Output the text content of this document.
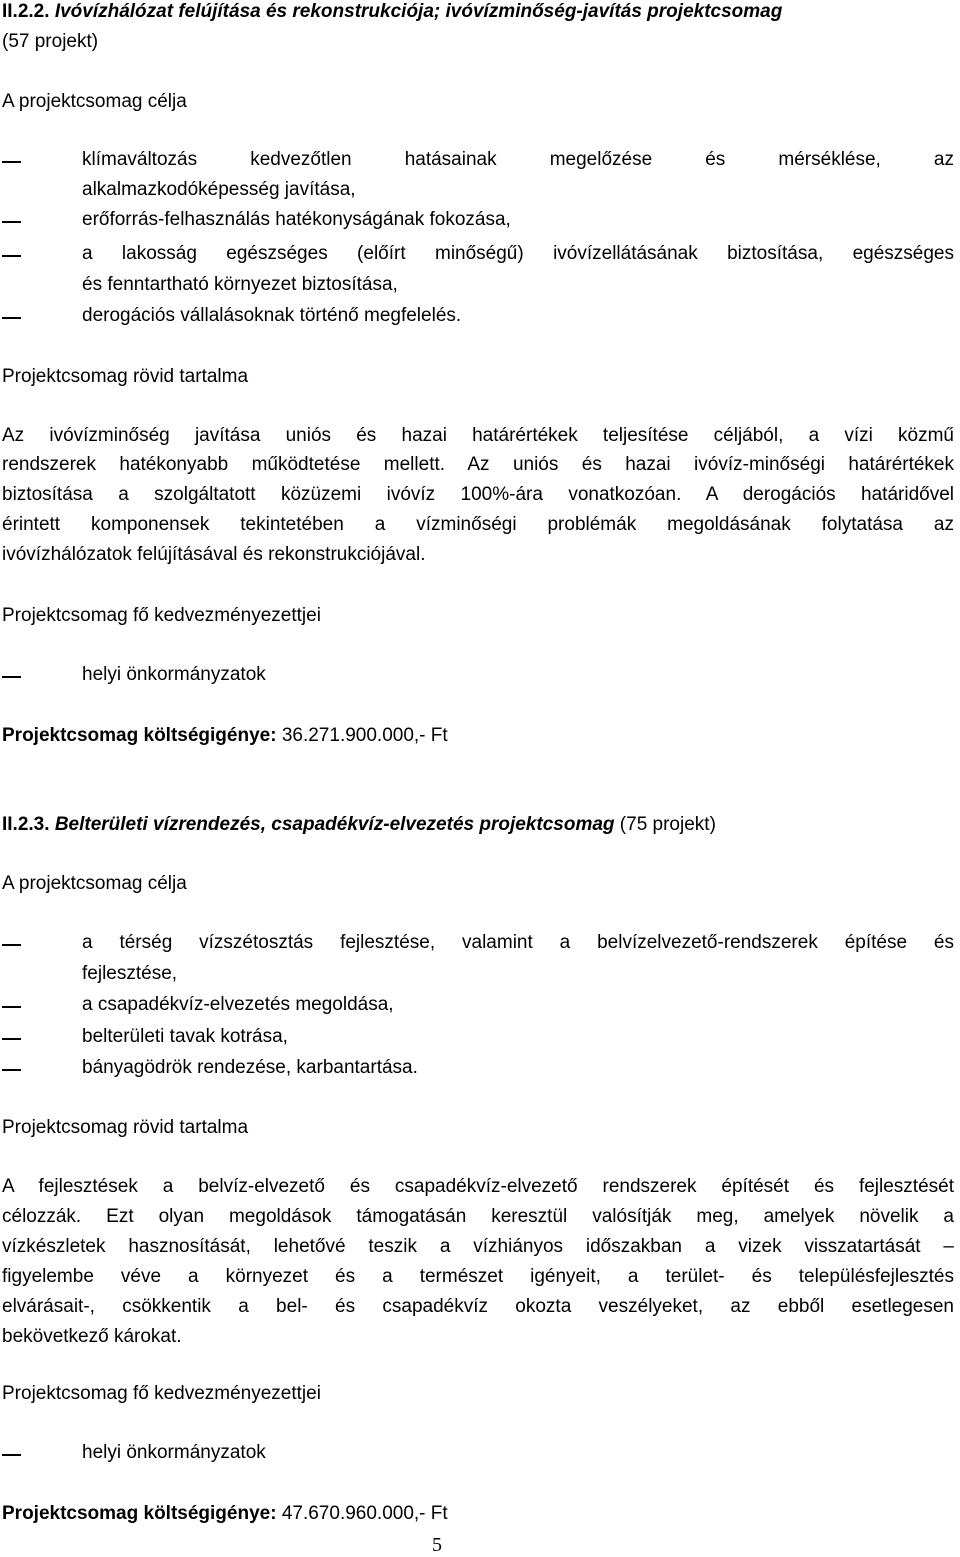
II.2.2. Ivóvízhálózat felújítása és rekonstrukciója; ivóvízminőség-javítás projektcsomag
(57 projekt)
A projektcsomag célja
klímaváltozás kedvezőtlen hatásainak megelőzése és mérséklése, az
alkalmazkodóképesség javítása,
erőforrás-felhasználás hatékonyságának fokozása,
a lakosság egészséges (előírt minőségű) ivóvízellátásának biztosítása, egészséges
és fenntartható környezet biztosítása,
derogációs vállalásoknak történő megfelelés.
Projektcsomag rövid tartalma
Az ivóvízminőség javítása uniós és hazai határértékek teljesítése céljából, a vízi közmű
rendszerek hatékonyabb működtetése mellett. Az uniós és hazai ivóvíz-minőségi határértékek
biztosítása a szolgáltatott közüzemi ivóvíz 100%-ára vonatkozóan. A derogációs határidővel
érintett komponensek tekintetében a vízminőségi problémák megoldásának folytatása az
ivóvízhálózatok felújításával és rekonstrukciójával.
Projektcsomag fő kedvezményezettjei
helyi önkormányzatok
Projektcsomag költségigénye: 36.271.900.000,- Ft
II.2.3. Belterületi vízrendezés, csapadékvíz-elvezetés projektcsomag (75 projekt)
A projektcsomag célja
a térség vízszétosztás fejlesztése, valamint a belvízelvezető-rendszerek építése és
fejlesztése,
a csapadékvíz-elvezetés megoldása,
belterületi tavak kotrása,
bányagödrök rendezése, karbantartása.
Projektcsomag rövid tartalma
A fejlesztések a belvíz-elvezető és csapadékvíz-elvezető rendszerek építését és fejlesztését
célozzák. Ezt olyan megoldások támogatásán keresztül valósítják meg, amelyek növelik a
vízkészletek hasznosítását, lehetővé teszik a vízhiányos időszakban a vizek visszatartását –
figyelembe véve a környezet és a természet igényeit, a terület- és településfejlesztés
elvárásait-, csökkentik a bel- és csapadékvíz okozta veszélyeket, az ebből esetlegesen
bekövetkező károkat.
Projektcsomag fő kedvezményezettjei
helyi önkormányzatok
Projektcsomag költségigénye: 47.670.960.000,- Ft
5
